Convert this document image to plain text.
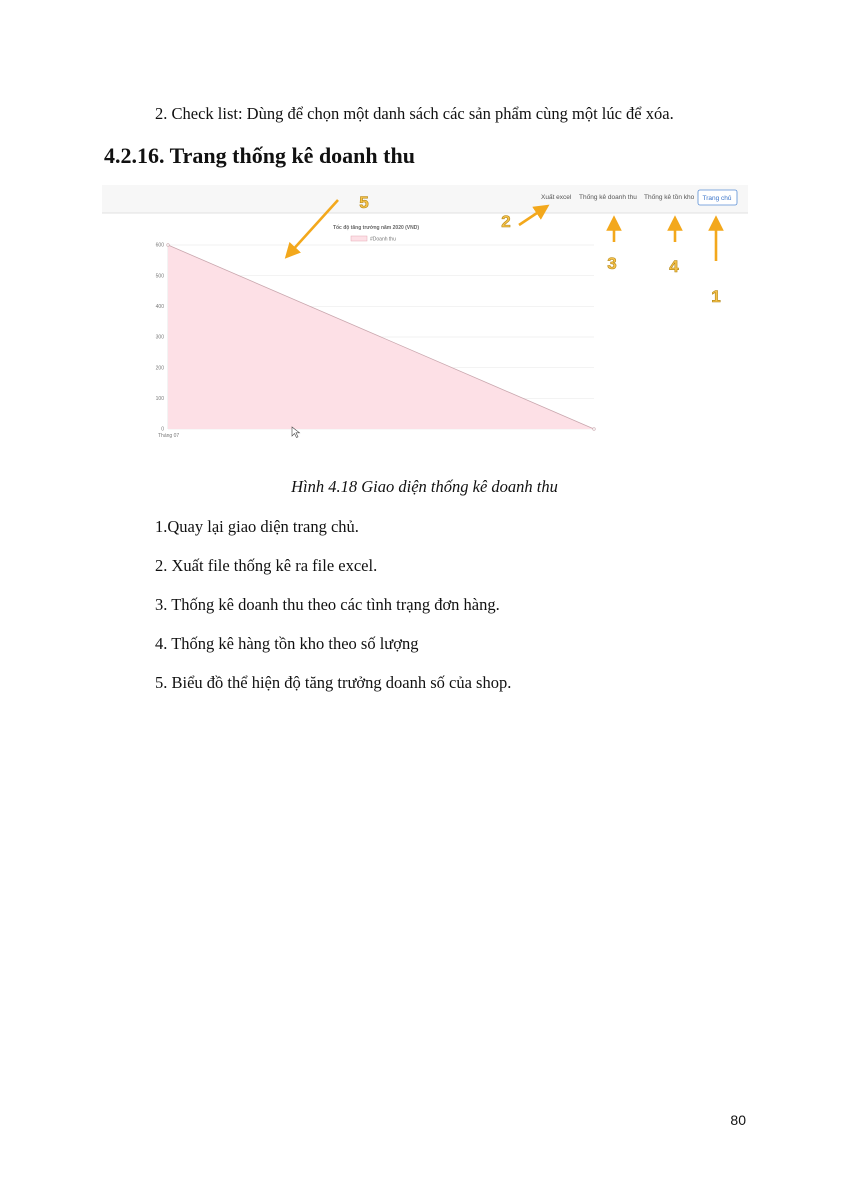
2. Check list: Dùng để chọn một danh sách các sản phẩm cùng một lúc để xóa.
4.2.16. Trang thống kê doanh thu
Xuất excel Thống kê doanh thu Thống kê tồn kho Trang chủ
Tốc độ tăng trưởng năm 2020 (VND)
#Doanh thu
0
100
200
300
400
500
600
Tháng 07
1
2
3	4
5
Hình 4.18 Giao diện thống kê doanh thu
1.Quay lại giao diện trang chủ.
2. Xuất file thống kê ra file excel.
3. Thống kê doanh thu theo các tình trạng đơn hàng.
4. Thống kê hàng tồn kho theo số lượng
5. Biểu đồ thể hiện độ tăng trưởng doanh số của shop.
80
